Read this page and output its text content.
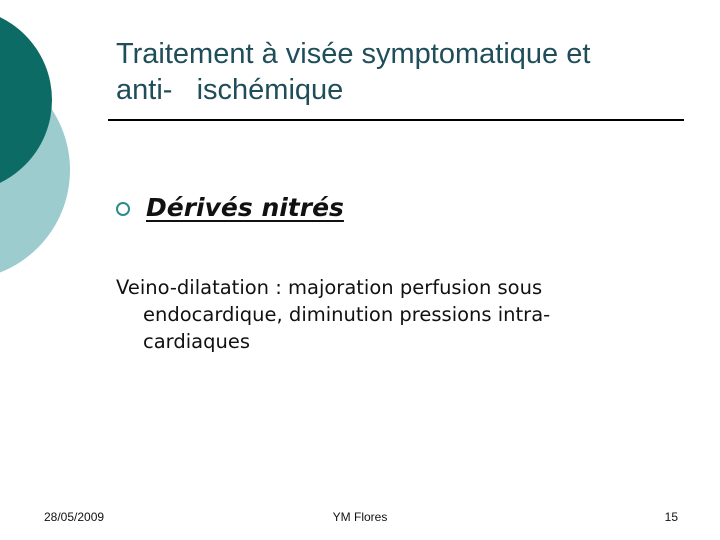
Traitement à visée symptomatique et
anti-   ischémique
Dérivés nitrés
Veino-dilatation : majoration perfusion sous
endocardique, diminution pressions intra-
cardiaques
28/05/2009	YM Flores	15
